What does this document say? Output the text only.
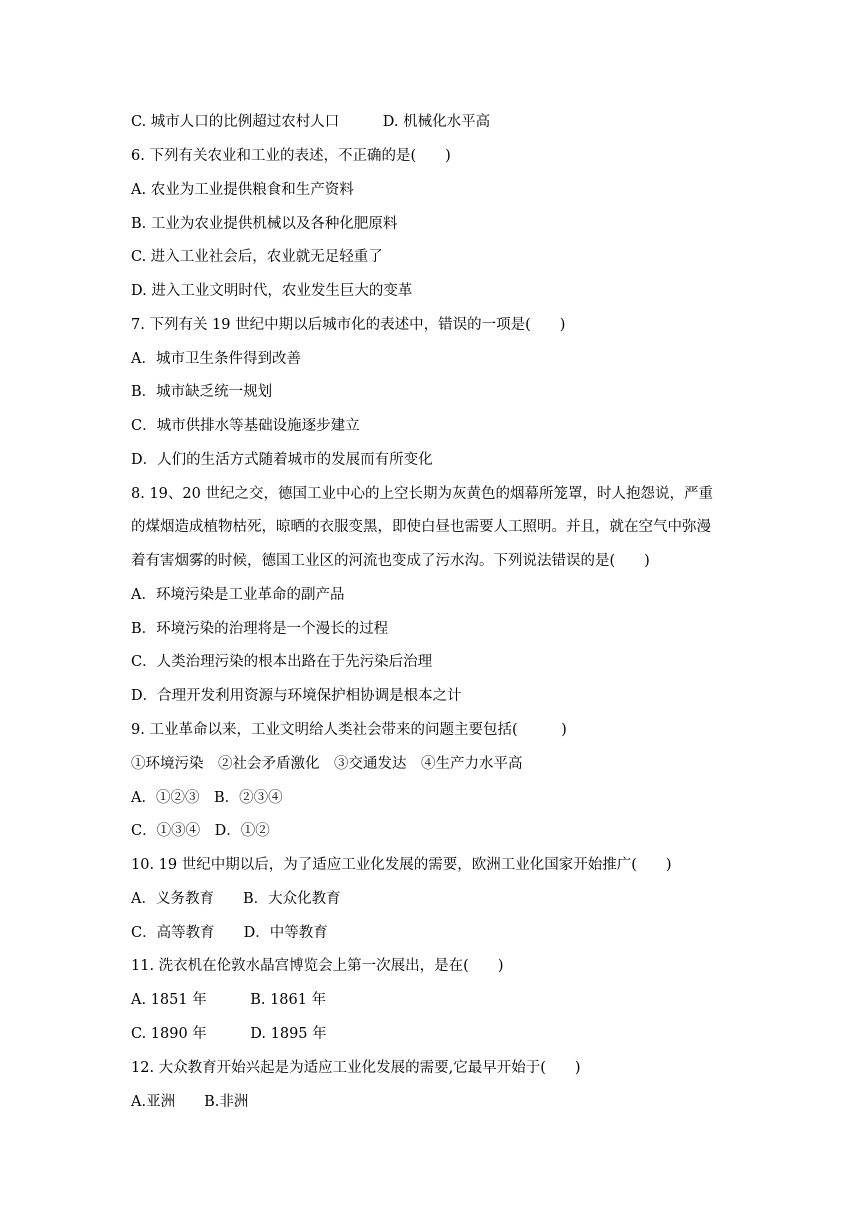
C. 城市人口的比例超过农村人口　　　D. 机械化水平高
6. 下列有关农业和工业的表述，不正确的是(　　)
A. 农业为工业提供粮食和生产资料
B. 工业为农业提供机械以及各种化肥原料
C. 进入工业社会后，农业就无足轻重了
D. 进入工业文明时代，农业发生巨大的变革
7. 下列有关 19 世纪中期以后城市化的表述中，错误的一项是(　　)
A．城市卫生条件得到改善
B．城市缺乏统一规划
C．城市供排水等基础设施逐步建立
D．人们的生活方式随着城市的发展而有所变化
8. 19、20 世纪之交，德国工业中心的上空长期为灰黄色的烟幕所笼罩，时人抱怨说，严重
的煤烟造成植物枯死，晾晒的衣服变黑，即使白昼也需要人工照明。并且，就在空气中弥漫
着有害烟雾的时候，德国工业区的河流也变成了污水沟。下列说法错误的是(　　)
A．环境污染是工业革命的副产品
B．环境污染的治理将是一个漫长的过程
C．人类治理污染的根本出路在于先污染后治理
D．合理开发利用资源与环境保护相协调是根本之计
9. 工业革命以来，工业文明给人类社会带来的问题主要包括(　　　)
①环境污染　②社会矛盾激化　③交通发达　④生产力水平高
A．①②③　B．②③④
C．①③④　D．①②
10. 19 世纪中期以后，为了适应工业化发展的需要，欧洲工业化国家开始推广(　　)
A．义务教育　　B．大众化教育
C．高等教育　　D．中等教育
11. 洗衣机在伦敦水晶宫博览会上第一次展出，是在(　　)
A. 1851 年　　　B. 1861 年
C. 1890 年　　　D. 1895 年
12. 大众教育开始兴起是为适应工业化发展的需要,它最早开始于(　　)
A.亚洲　　B.非洲
